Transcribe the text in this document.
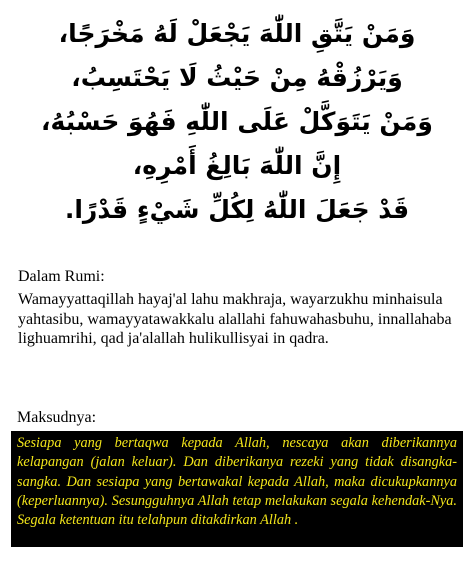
وَمَنْ يَتَّقِ اللّٰهَ يَجْعَلْ لَهُ مَخْرَجًا،
وَيَرْزُقْهُ مِنْ حَيْثُ لَا يَحْتَسِبُ،
وَمَنْ يَتَوَكَّلْ عَلَى اللّٰهِ فَهُوَ حَسْبُهُ،
إِنَّ اللّٰهَ بَالِغُ أَمْرِهِ،
قَدْ جَعَلَ اللّٰهُ لِكُلِّ شَيْءٍ قَدْرًا.
Dalam Rumi:
Wamayyattaqillah hayaj'al lahu makhraja, wayarzukhu minhaisula yahtasibu, wamayyatawakkalu alallahi fahuwahasbuhu, innallahaba lighuamrihi, qad ja'alallah hulikullisyai in qadra.
Maksudnya:

Sesiapa yang bertaqwa kepada Allah, nescaya akan diberikannya kelapangan (jalan keluar). Dan diberikanya rezeki yang tidak disangka-sangka. Dan sesiapa yang bertawakal kepada Allah, maka dicukupkannya (keperluannya). Sesungguhnya Allah tetap melakukan segala kehendak-Nya. Segala ketentuan itu telahpun ditakdirkan Allah .
